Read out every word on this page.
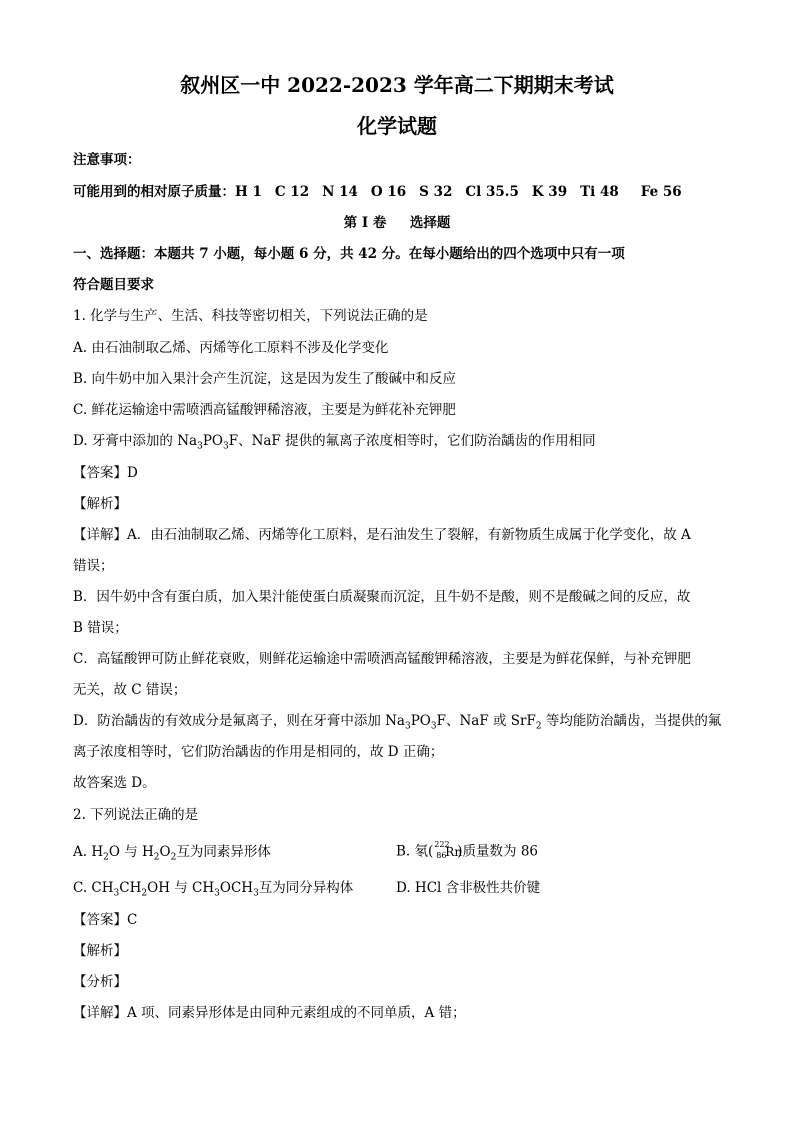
叙州区一中 2022-2023 学年高二下期期末考试
化学试题
注意事项：
可能用到的相对原子质量：H 1 C 12 N 14 O 16 S 32 Cl 35.5 K 39 Ti 48 Fe 56
第 I 卷 选择题
一、选择题：本题共 7 小题，每小题 6 分，共 42 分。在每小题给出的四个选项中只有一项
符合题目要求
1. 化学与生产、生活、科技等密切相关，下列说法正确的是
A. 由石油制取乙烯、丙烯等化工原料不涉及化学变化
B. 向牛奶中加入果汁会产生沉淀，这是因为发生了酸碱中和反应
C. 鲜花运输途中需喷洒高锰酸钾稀溶液，主要是为鲜花补充钾肥
D. 牙膏中添加的 $Na_3PO_3F$、NaF 提供的氟离子浓度相等时，它们防治龋齿的作用相同
【答案】D
【解析】
【详解】A．由石油制取乙烯、丙烯等化工原料，是石油发生了裂解，有新物质生成属于化学变化，故 A
错误；
B．因牛奶中含有蛋白质，加入果汁能使蛋白质凝聚而沉淀，且牛奶不是酸，则不是酸碱之间的反应，故
B 错误；
C．高锰酸钾可防止鲜花衰败，则鲜花运输途中需喷洒高锰酸钾稀溶液，主要是为鲜花保鲜，与补充钾肥
无关，故 C 错误；
D．防治龋齿的有效成分是氟离子，则在牙膏中添加 $Na_3PO_3F$、NaF 或 SrF$_2$ 等均能防治龋齿，当提供的氟
离子浓度相等时，它们防治龋齿的作用是相同的，故 D 正确；
故答案选 D。
2. 下列说法正确的是
A. $H_2O$ 与 $H_2O_2$互为同素异形体	B. 氡( 222
86
Rn
)质量数为 86
C. $CH_3CH_2OH$ 与 $CH_3OCH_3$互为同分异构体	D. HCl 含非极性共价键
【答案】C
【解析】
【分析】
【详解】A 项、同素异形体是由同种元素组成的不同单质，A 错；
